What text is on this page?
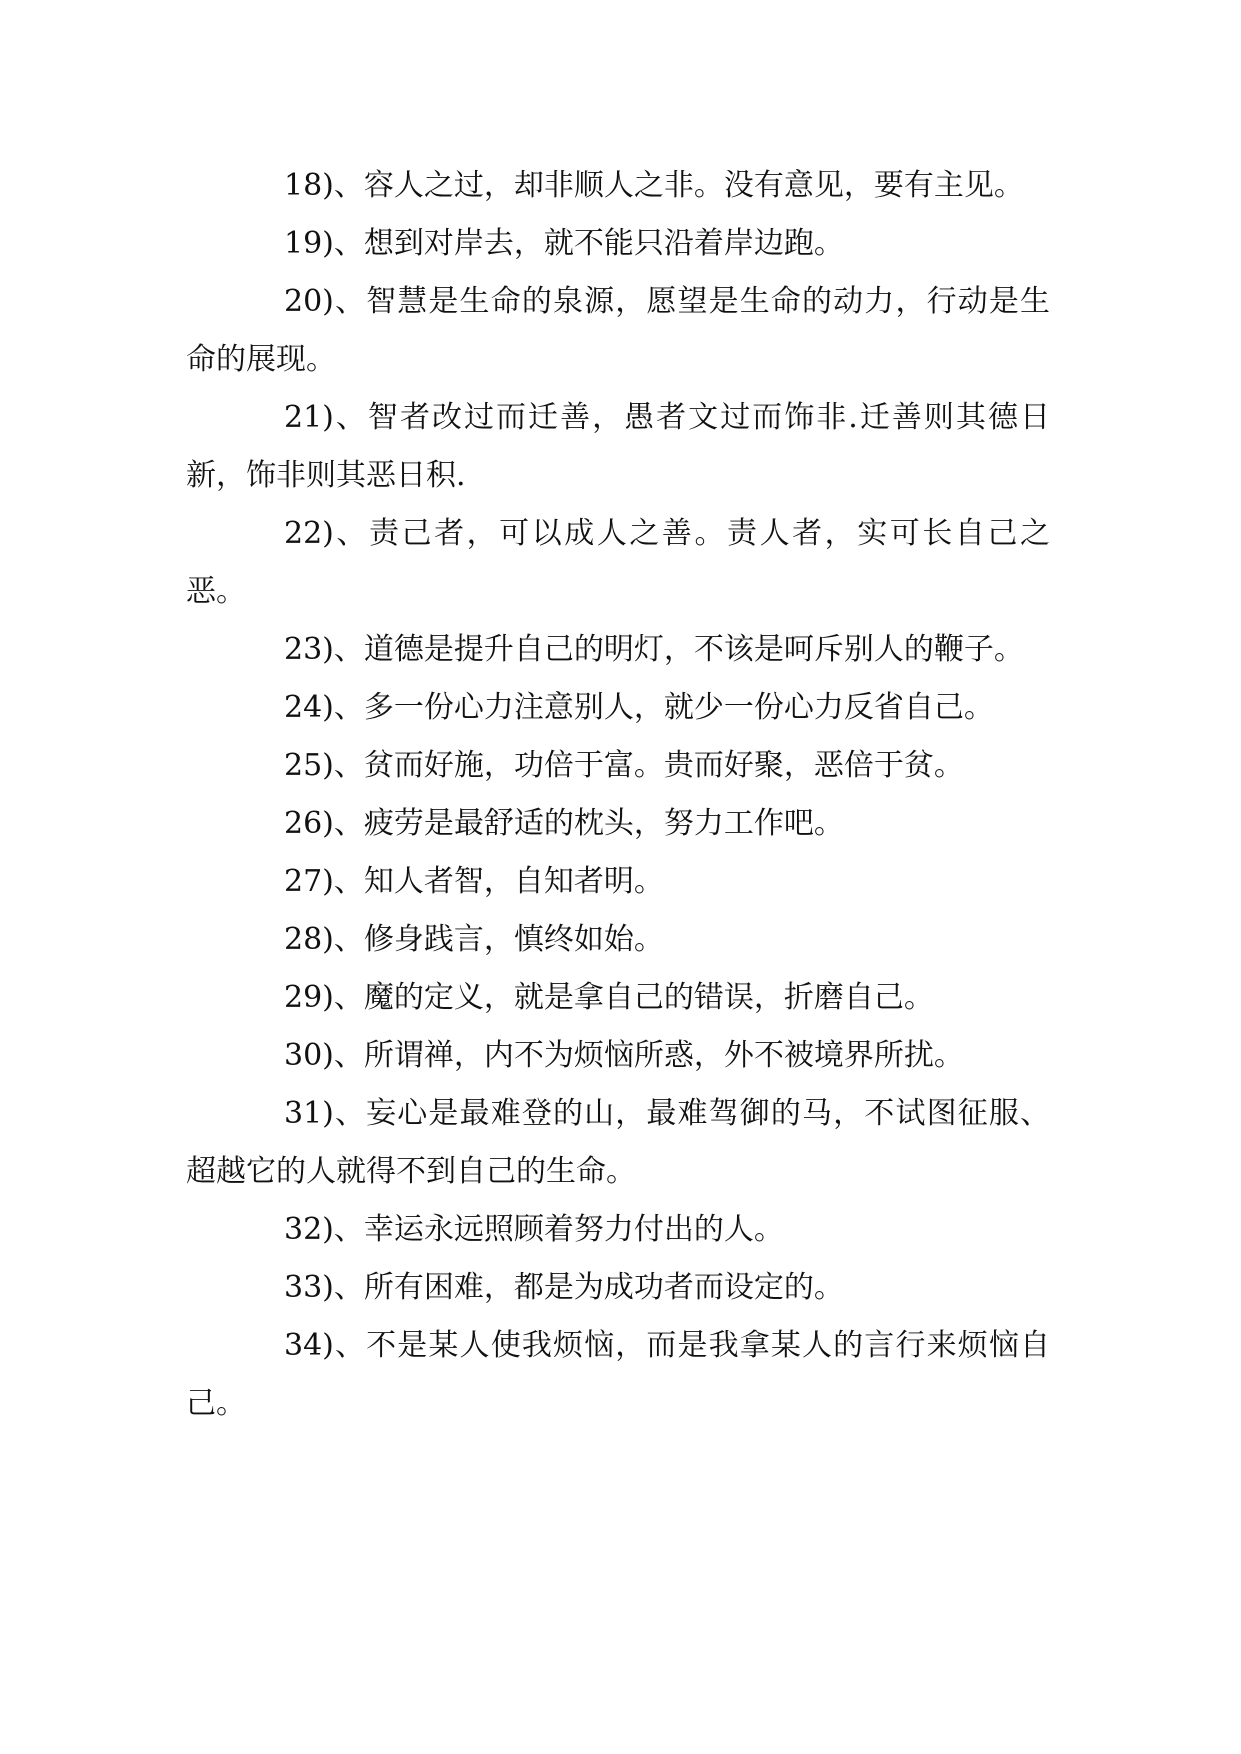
18)、容人之过，却非顺人之非。没有意见，要有主见。

19)、想到对岸去，就不能只沿着岸边跑。

20)、智慧是生命的泉源，愿望是生命的动力，行动是生命的展现。

21)、智者改过而迁善，愚者文过而饰非.迁善则其德日新，饰非则其恶日积.

22)、责己者，可以成人之善。责人者，实可长自己之恶。

23)、道德是提升自己的明灯，不该是呵斥别人的鞭子。

24)、多一份心力注意别人，就少一份心力反省自己。

25)、贫而好施，功倍于富。贵而好聚，恶倍于贫。

26)、疲劳是最舒适的枕头，努力工作吧。

27)、知人者智，自知者明。

28)、修身践言，慎终如始。

29)、魔的定义，就是拿自己的错误，折磨自己。

30)、所谓禅，内不为烦恼所惑，外不被境界所扰。

31)、妄心是最难登的山，最难驾御的马，不试图征服、超越它的人就得不到自己的生命。

32)、幸运永远照顾着努力付出的人。

33)、所有困难，都是为成功者而设定的。

34)、不是某人使我烦恼，而是我拿某人的言行来烦恼自己。
